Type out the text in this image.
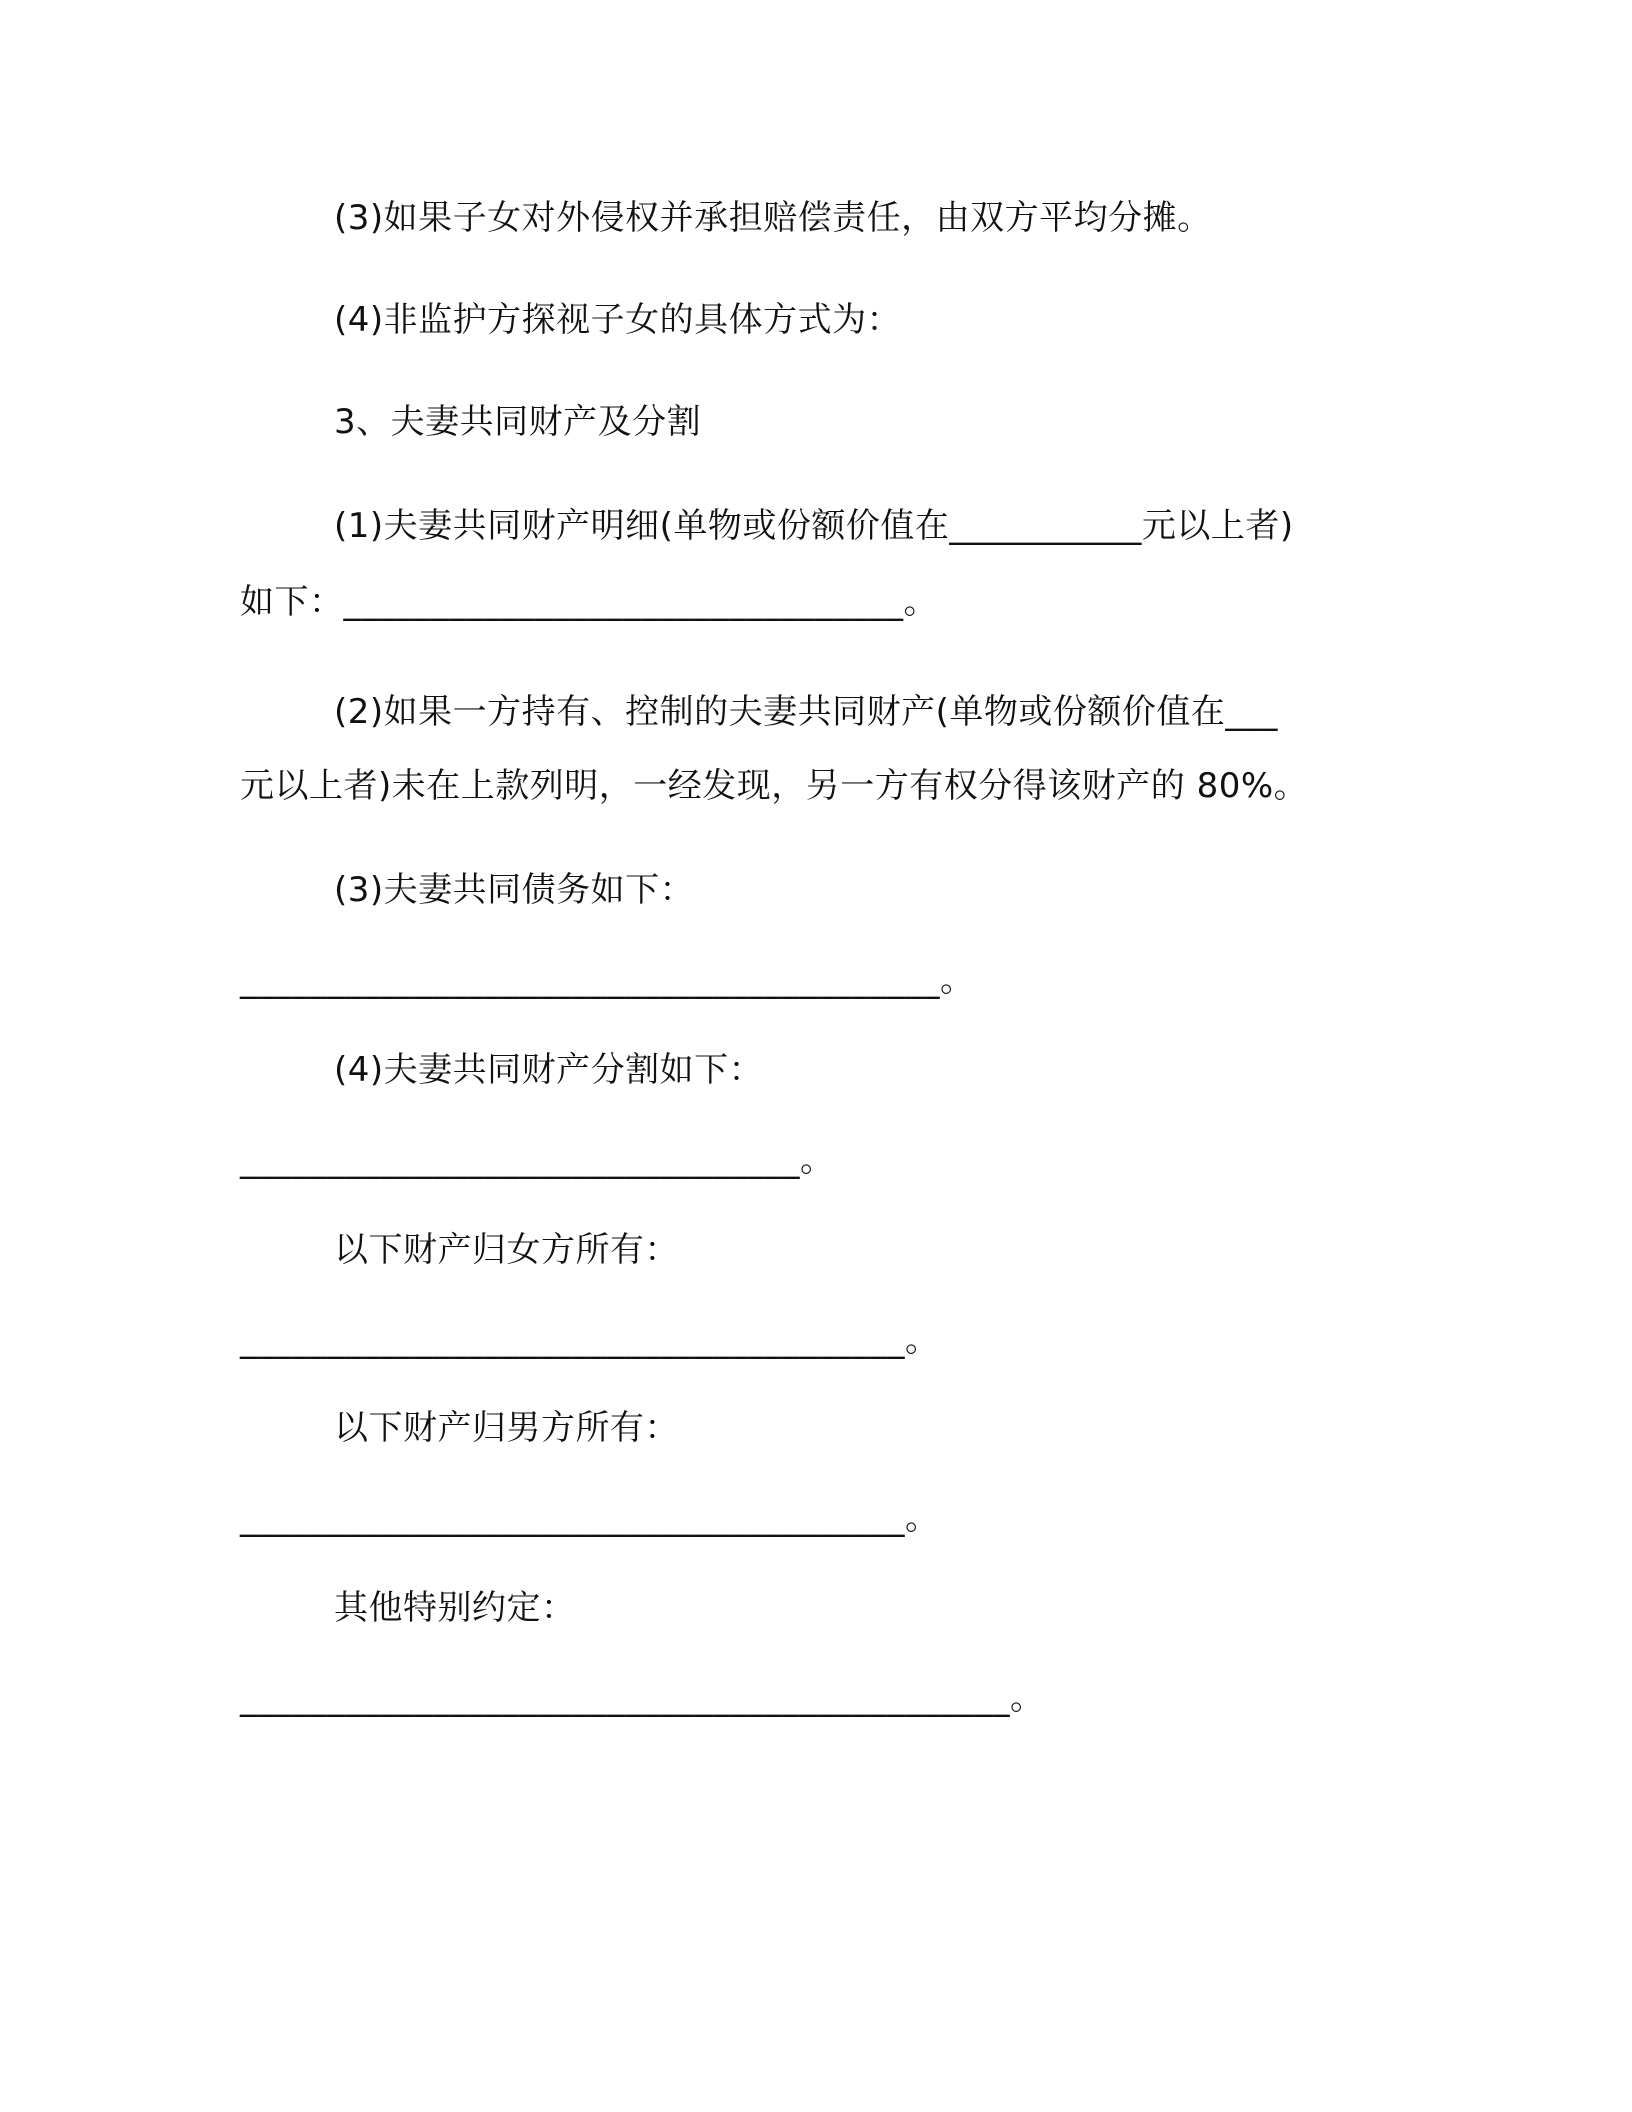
(3)如果子女对外侵权并承担赔偿责任，由双方平均分摊。
(4)非监护方探视子女的具体方式为：
3、夫妻共同财产及分割
(1)夫妻共同财产明细(单物或份额价值在___________元以上者)
如下：________________________________。
(2)如果一方持有、控制的夫妻共同财产(单物或份额价值在___
元以上者)未在上款列明，一经发现，另一方有权分得该财产的 80%。
(3)夫妻共同债务如下：
________________________________________。
(4)夫妻共同财产分割如下：
________________________________。
以下财产归女方所有：
______________________________________。
以下财产归男方所有：
______________________________________。
其他特别约定：
____________________________________________。
